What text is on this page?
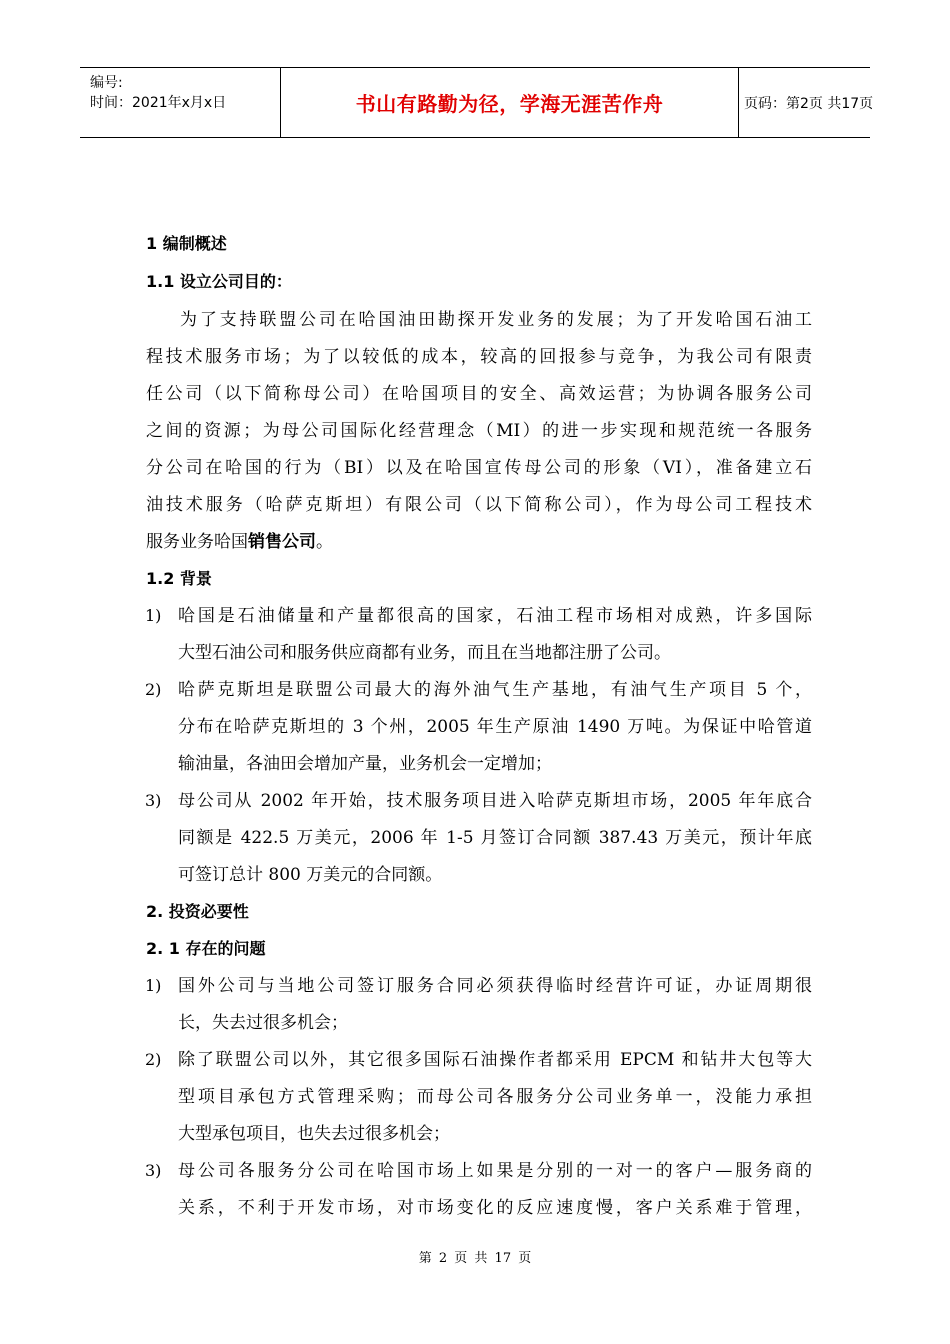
编号:
时间：2021年x月x日	书山有路勤为径，学海无涯苦作舟	页码：第2页 共17页
1 编制概述
1.1 设立公司目的：
为了支持联盟公司在哈国油田勘探开发业务的发展；为了开发哈国石油工
程技术服务市场；为了以较低的成本，较高的回报参与竞争，为我公司有限责
任公司（以下简称母公司）在哈国项目的安全、高效运营；为协调各服务公司
之间的资源；为母公司国际化经营理念（MI）的进一步实现和规范统一各服务
分公司在哈国的行为（BI）以及在哈国宣传母公司的形象（VI），准备建立石
油技术服务（哈萨克斯坦）有限公司（以下简称公司），作为母公司工程技术
服务业务哈国销售公司。
1.2 背景
1) 哈国是石油储量和产量都很高的国家，石油工程市场相对成熟，许多国际
大型石油公司和服务供应商都有业务，而且在当地都注册了公司。
2) 哈萨克斯坦是联盟公司最大的海外油气生产基地，有油气生产项目 5 个，
分布在哈萨克斯坦的 3 个州，2005 年生产原油 1490 万吨。为保证中哈管道
输油量，各油田会增加产量，业务机会一定增加；
3) 母公司从 2002 年开始，技术服务项目进入哈萨克斯坦市场，2005 年年底合
同额是 422.5 万美元，2006 年 1-5 月签订合同额 387.43 万美元，预计年底
可签订总计 800 万美元的合同额。
2. 投资必要性
2. 1 存在的问题
1) 国外公司与当地公司签订服务合同必须获得临时经营许可证，办证周期很
长，失去过很多机会；
2) 除了联盟公司以外，其它很多国际石油操作者都采用 EPCM 和钻井大包等大
型项目承包方式管理采购；而母公司各服务分公司业务单一，没能力承担
大型承包项目，也失去过很多机会；
3) 母公司各服务分公司在哈国市场上如果是分别的一对一的客户—服务商的
关系，不利于开发市场，对市场变化的反应速度慢，客户关系难于管理，
第 2 页 共 17 页
